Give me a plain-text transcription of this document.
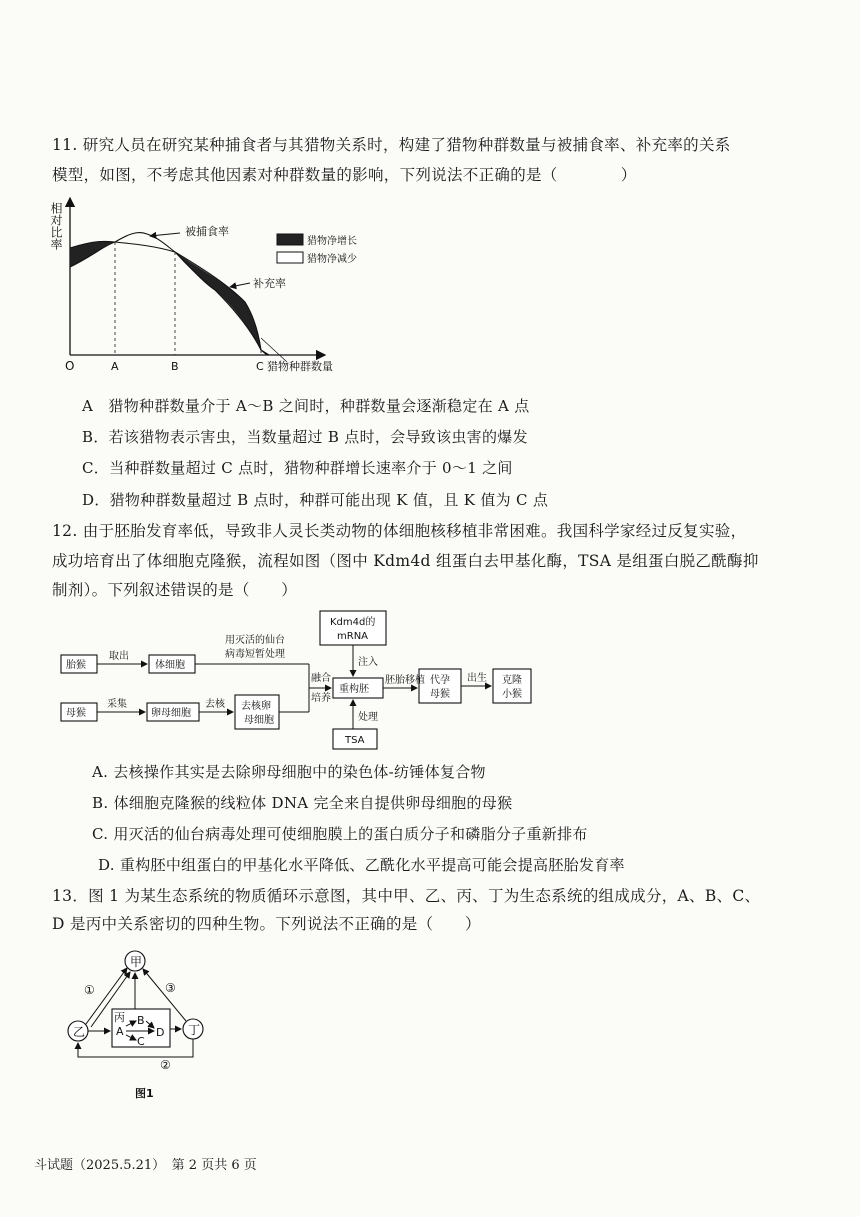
11. 研究人员在研究某种捕食者与其猎物关系时，构建了猎物种群数量与被捕食率、补充率的关系
模型，如图，不考虑其他因素对种群数量的影响，下列说法不正确的是（　　　　）
相对比率
O	A	B	C 猎物种群数量
被捕食率
补充率
猎物净增长
猎物净减少
A　猎物种群数量介于 A～B 之间时，种群数量会逐渐稳定在 A 点
B．若该猎物表示害虫，当数量超过 B 点时，会导致该虫害的爆发
C．当种群数量超过 C 点时，猎物种群增长速率介于 0～1 之间
D．猎物种群数量超过 B 点时，种群可能出现 K 值，且 K 值为 C 点
12. 由于胚胎发育率低，导致非人灵长类动物的体细胞核移植非常困难。我国科学家经过反复实验，
成功培育出了体细胞克隆猴，流程如图（图中 Kdm4d 组蛋白去甲基化酶，TSA 是组蛋白脱乙酰酶抑
制剂）。下列叙述错误的是（　　）
胎猴
取出
体细胞
用灭活的仙台
病毒短暂处理
母猴
采集
卵母细胞
去核 去核卵
母细胞
融合
培养
重构胚
Kdm4d的
mRNA
注入
处理
TSA
胚胎移植 代孕
母猴
出生 克隆
小猴
A. 去核操作其实是去除卵母细胞中的染色体-纺锤体复合物
B. 体细胞克隆猴的线粒体 DNA 完全来自提供卵母细胞的母猴
C. 用灭活的仙台病毒处理可使细胞膜上的蛋白质分子和磷脂分子重新排布
D. 重构胚中组蛋白的甲基化水平降低、乙酰化水平提高可能会提高胚胎发育率
13．图 1 为某生态系统的物质循环示意图，其中甲、乙、丙、丁为生态系统的组成成分，A、B、C、
D 是丙中关系密切的四种生物。下列说法不正确的是（　　）
甲
乙	丁
丙
A
B
C
D
①	③
②
图1
斗试题（2025.5.21）　第 2 页共 6 页
